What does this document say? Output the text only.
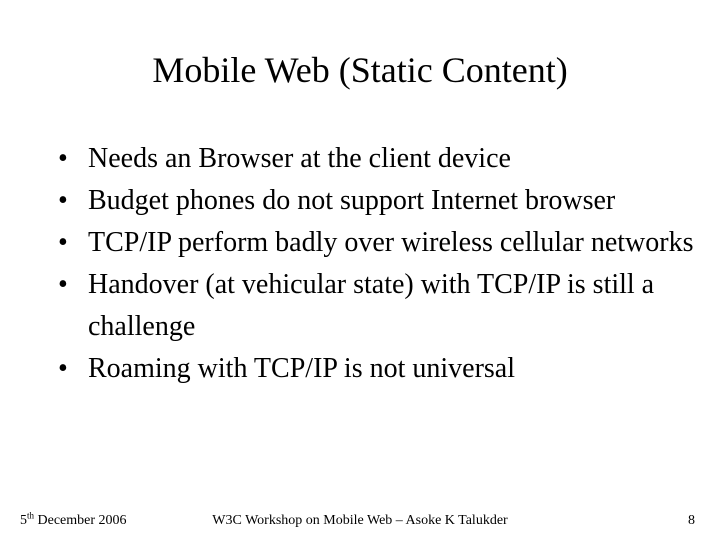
Mobile Web (Static Content)
• Needs an Browser at the client device
• Budget phones do not support Internet browser
• TCP/IP perform badly over wireless cellular networks
• Handover (at vehicular state) with TCP/IP is still a challenge
• Roaming with TCP/IP is not universal
5th December 2006	W3C Workshop on Mobile Web – Asoke K Talukder	8
